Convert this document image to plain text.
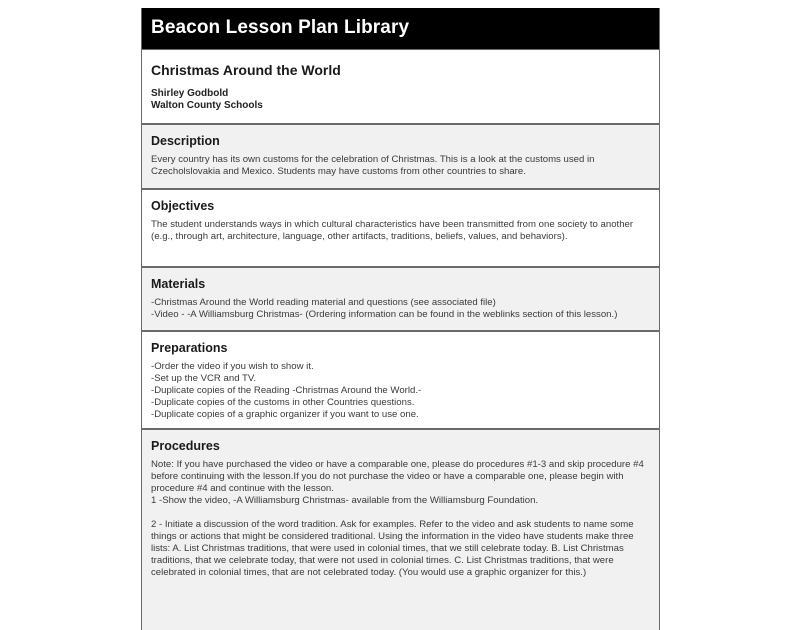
Beacon Lesson Plan Library
Christmas Around the World
Shirley Godbold
Walton County Schools
Description
Every country has its own customs for the celebration of Christmas. This is a look at the customs used in Czecholslovakia and Mexico. Students may have customs from other countries to share.
Objectives
The student understands ways in which cultural characteristics have been transmitted from one society to another (e.g., through art, architecture, language, other artifacts, traditions, beliefs, values, and behaviors).
Materials
-Christmas Around the World reading material and questions (see associated file)
-Video - -A Williamsburg Christmas- (Ordering information can be found in the weblinks section of this lesson.)
Preparations
-Order the video if you wish to show it.
-Set up the VCR and TV.
-Duplicate copies of the Reading -Christmas Around the World.-
-Duplicate copies of the customs in other Countries questions.
-Duplicate copies of a graphic organizer if you want to use one.
Procedures
Note: If you have purchased the video or have a comparable one, please do procedures #1-3 and skip procedure #4 before continuing with the lesson.If you do not purchase the video or have a comparable one, please begin with procedure #4 and continue with the lesson.
1 -Show the video, -A Williamsburg Christmas- available from the Williamsburg Foundation.
2 - Initiate a discussion of the word tradition. Ask for examples. Refer to the video and ask students to name some things or actions that might be considered traditional. Using the information in the video have students make three lists: A. List Christmas traditions, that were used in colonial times, that we still celebrate today. B. List Christmas traditions, that we celebrate today, that were not used in colonial times. C. List Christmas traditions, that were celebrated in colonial times, that are not celebrated today. (You would use a graphic organizer for this.)
